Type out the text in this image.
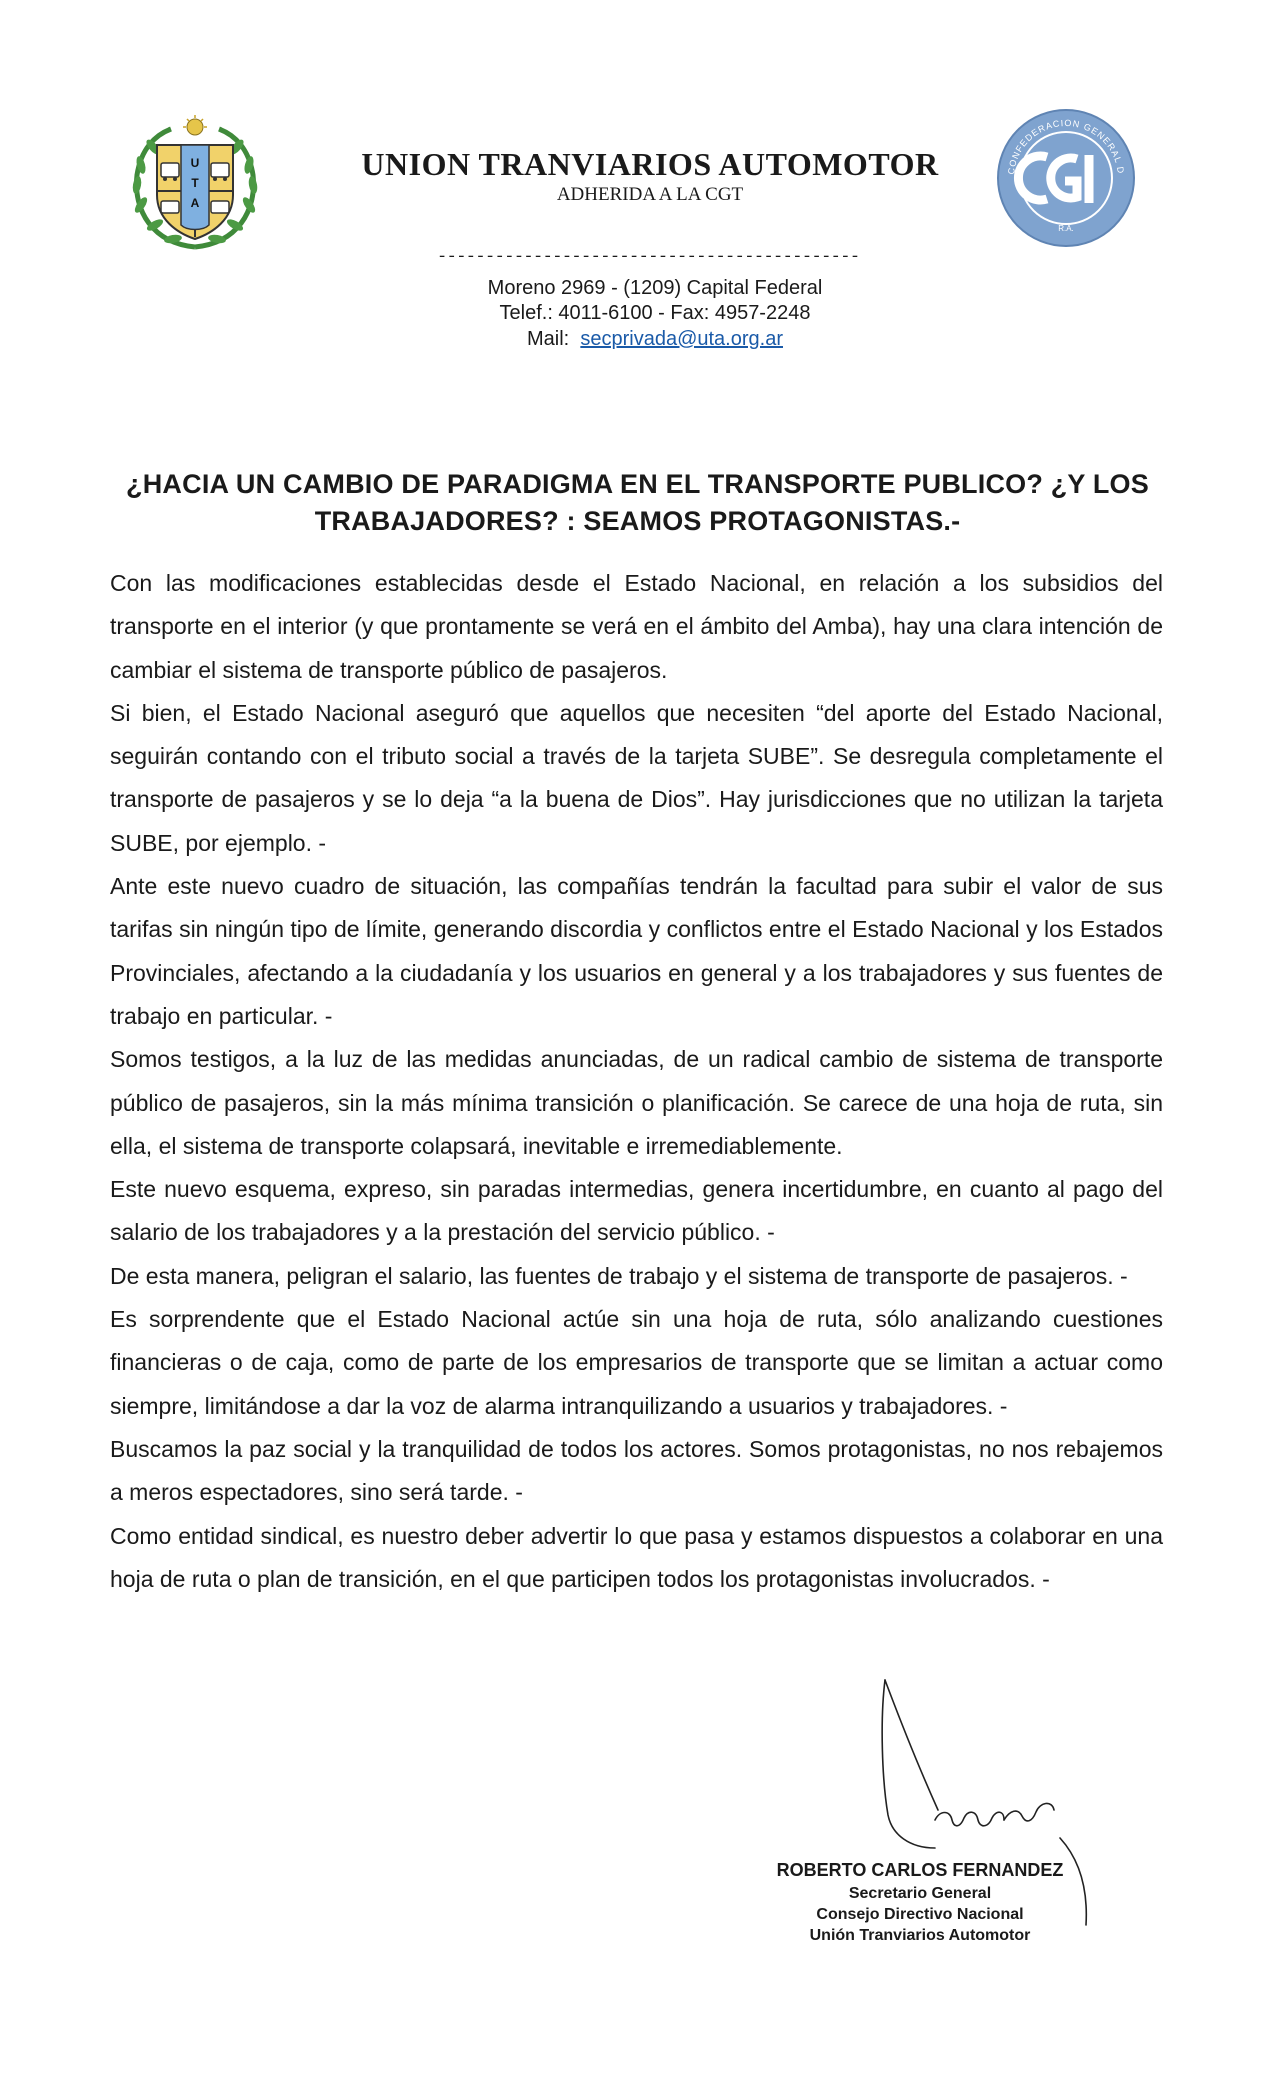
U
T
A
UNION TRANVIARIOS AUTOMOTOR
ADHERIDA A LA CGT
CONFEDERACION GENERAL D
R.A.
--------------------------------------------
Moreno 2969 - (1209) Capital Federal
Telef.: 4011-6100 - Fax: 4957-2248
Mail: secprivada@uta.org.ar
¿HACIA UN CAMBIO DE PARADIGMA EN EL TRANSPORTE PUBLICO? ¿Y LOS TRABAJADORES? : SEAMOS PROTAGONISTAS.-

Con las modificaciones establecidas desde el Estado Nacional, en relación a los subsidios del transporte en el interior (y que prontamente se verá en el ámbito del Amba), hay una clara intención de cambiar el sistema de transporte público de pasajeros.

Si bien, el Estado Nacional aseguró que aquellos que necesiten “del aporte del Estado Nacional, seguirán contando con el tributo social a través de la tarjeta SUBE”. Se desregula completamente el transporte de pasajeros y se lo deja “a la buena de Dios”. Hay jurisdicciones que no utilizan la tarjeta SUBE, por ejemplo. -

Ante este nuevo cuadro de situación, las compañías tendrán la facultad para subir el valor de sus tarifas sin ningún tipo de límite, generando discordia y conflictos entre el Estado Nacional y los Estados Provinciales, afectando a la ciudadanía y los usuarios en general y a los trabajadores y sus fuentes de trabajo en particular. -

Somos testigos, a la luz de las medidas anunciadas, de un radical cambio de sistema de transporte público de pasajeros, sin la más mínima transición o planificación. Se carece de una hoja de ruta, sin ella, el sistema de transporte colapsará, inevitable e irremediablemente.

Este nuevo esquema, expreso, sin paradas intermedias, genera incertidumbre, en cuanto al pago del salario de los trabajadores y a la prestación del servicio público. -

De esta manera, peligran el salario, las fuentes de trabajo y el sistema de transporte de pasajeros. -

Es sorprendente que el Estado Nacional actúe sin una hoja de ruta, sólo analizando cuestiones financieras o de caja, como de parte de los empresarios de transporte que se limitan a actuar como siempre, limitándose a dar la voz de alarma intranquilizando a usuarios y trabajadores. -

Buscamos la paz social y la tranquilidad de todos los actores. Somos protagonistas, no nos rebajemos a meros espectadores, sino será tarde. -

Como entidad sindical, es nuestro deber advertir lo que pasa y estamos dispuestos a colaborar en una hoja de ruta o plan de transición, en el que participen todos los protagonistas involucrados. -

ROBERTO CARLOS FERNANDEZ
Secretario General
Consejo Directivo Nacional
Unión Tranviarios Automotor
